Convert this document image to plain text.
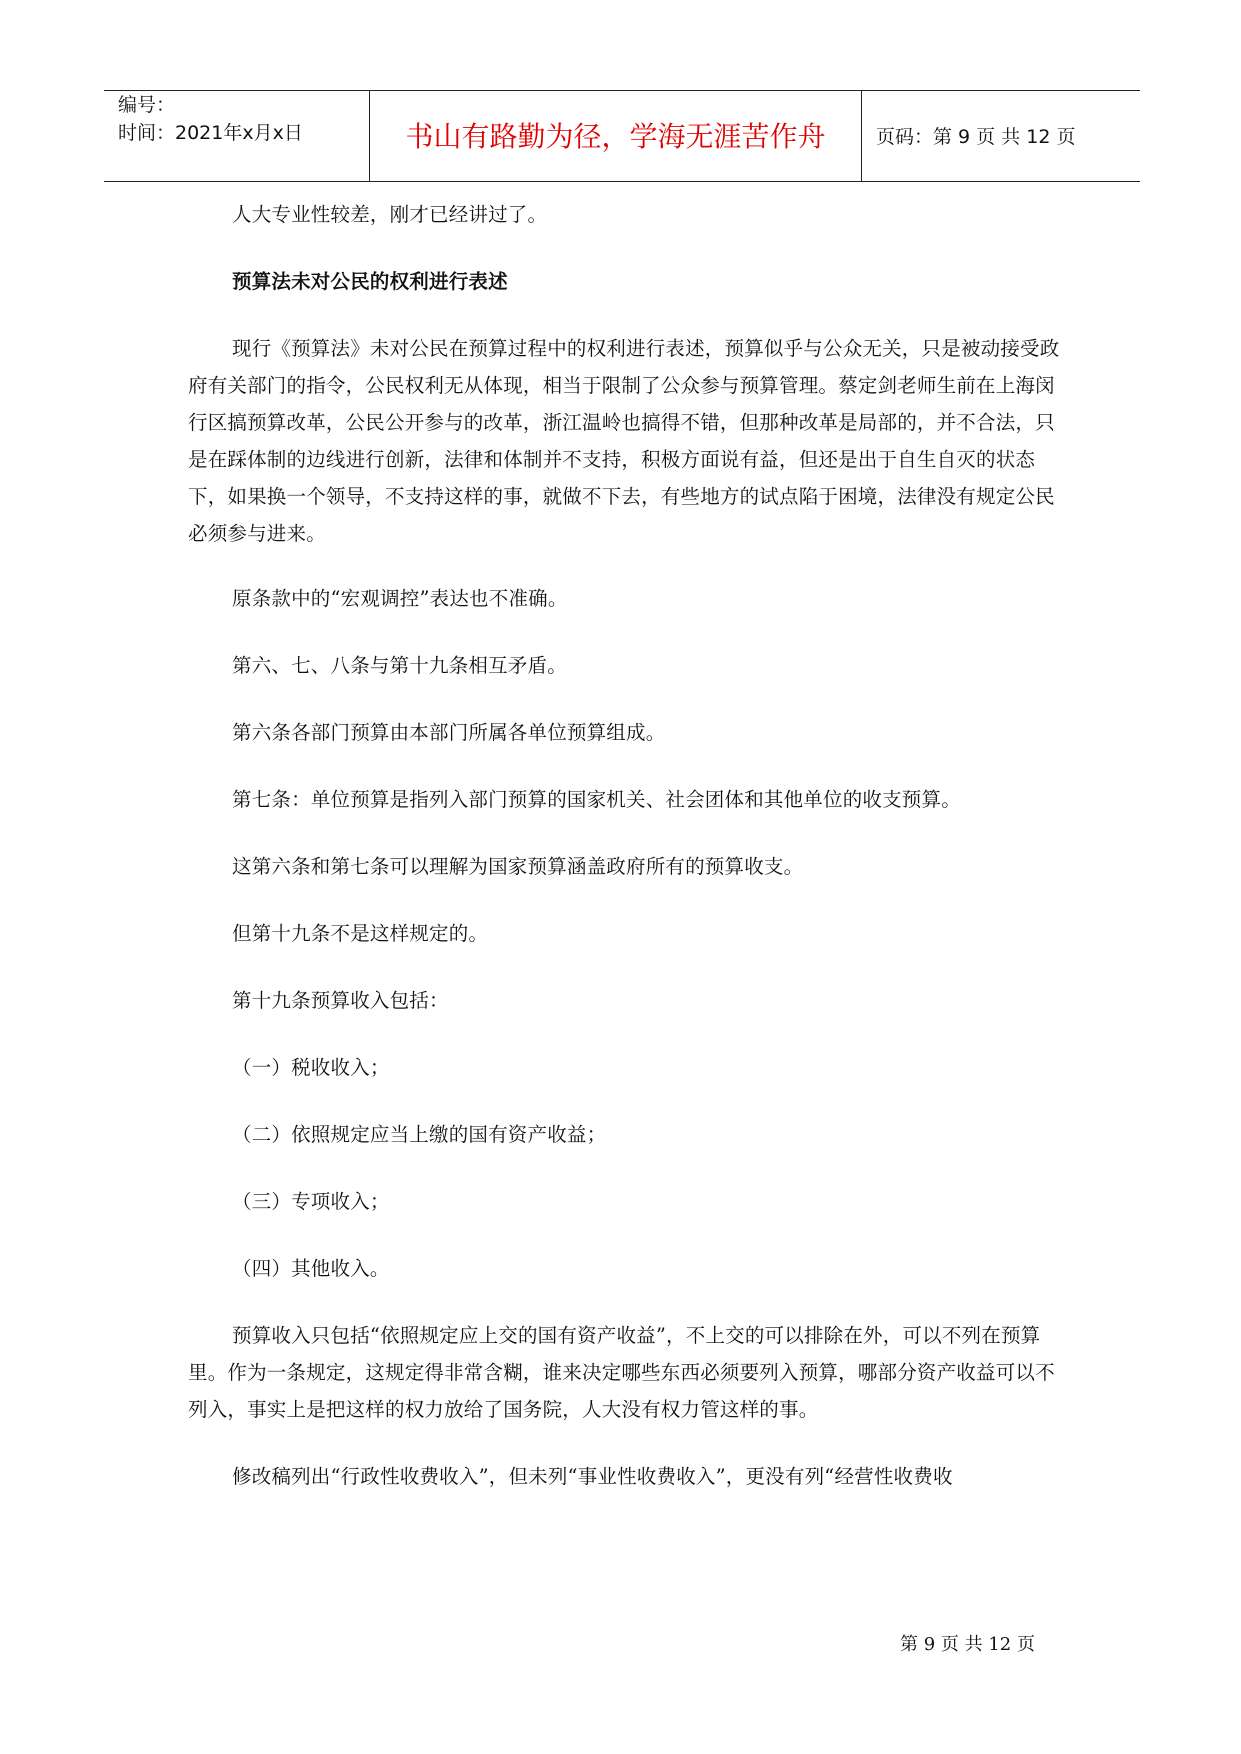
编号：
时间：2021年x月x日	书山有路勤为径，学海无涯苦作舟	页码：第 9 页 共 12 页

人大专业性较差，刚才已经讲过了。

预算法未对公民的权利进行表述

现行《预算法》未对公民在预算过程中的权利进行表述，预算似乎与公众无关，只是被动接受政府有关部门的指令，公民权利无从体现，相当于限制了公众参与预算管理。蔡定剑老师生前在上海闵行区搞预算改革，公民公开参与的改革，浙江温岭也搞得不错，但那种改革是局部的，并不合法，只是在踩体制的边线进行创新，法律和体制并不支持，积极方面说有益，但还是出于自生自灭的状态下，如果换一个领导，不支持这样的事，就做不下去，有些地方的试点陷于困境，法律没有规定公民必须参与进来。

原条款中的“宏观调控”表达也不准确。

第六、七、八条与第十九条相互矛盾。

第六条各部门预算由本部门所属各单位预算组成。

第七条：单位预算是指列入部门预算的国家机关、社会团体和其他单位的收支预算。

这第六条和第七条可以理解为国家预算涵盖政府所有的预算收支。

但第十九条不是这样规定的。

第十九条预算收入包括：

（一）税收收入；

（二）依照规定应当上缴的国有资产收益；

（三）专项收入；

（四）其他收入。

预算收入只包括“依照规定应上交的国有资产收益”，不上交的可以排除在外，可以不列在预算里。作为一条规定，这规定得非常含糊，谁来决定哪些东西必须要列入预算，哪部分资产收益可以不列入，事实上是把这样的权力放给了国务院，人大没有权力管这样的事。

修改稿列出“行政性收费收入”，但未列“事业性收费收入”，更没有列“经营性收费收

第 9 页 共 12 页
